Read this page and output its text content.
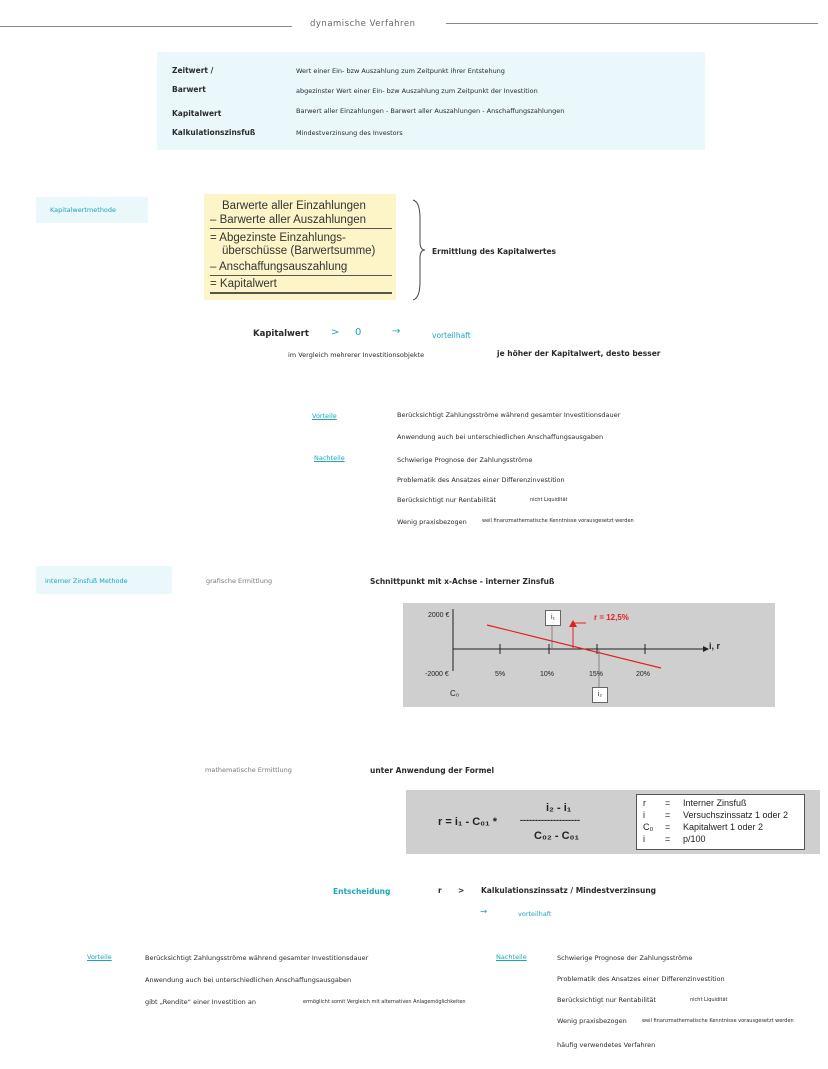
dynamische Verfahren
Zeitwert /	Wert einer Ein- bzw Auszahlung zum Zeitpunkt ihrer Entstehung
Barwert	abgezinster Wert einer Ein- bzw Auszahlung zum Zeitpunkt der Investition
Kapitalwert	Barwert aller Einzahlungen - Barwert aller Auszahlungen - Anschaffungszahlungen
Kalkulationszinsfuß	Mindestverzinsung des Investors
Kapitalwertmethode	Barwerte aller Einzahlungen
– Barwerte aller Auszahlungen
= Abgezinste Einzahlungs-
überschüsse (Barwertsumme)
– Anschaffungsauszahlung
= Kapitalwert
Ermittlung des Kapitalwertes
Kapitalwert > 0	→	vorteilhaft
im Vergleich mehrerer Investitionsobjekte	je höher der Kapitalwert, desto besser
Vorteile	Berücksichtigt Zahlungsströme während gesamter Investitionsdauer
Anwendung auch bei unterschiedlichen Anschaffungsausgaben
Nachteile	Schwierige Prognose der Zahlungsströme
Problematik des Ansatzes einer Differenzinvestition
Berücksichtigt nur Rentabilität	nicht Liquidität
Wenig praxisbezogen	weil finanzmathematische Kenntnisse vorausgesetzt werden
interner Zinsfuß Methode	grafische Ermittlung	Schnittpunkt mit x-Achse - interner Zinsfuß
2000 €
-2000 €
C₀
i, r
r = 12,5%
5%	10%	15%	20%
i₁
i₂
mathematische Ermittlung	unter Anwendung der Formel
r = i₁ - C₀₁ *
i₂ - i₁
--------------------
C₀₂ - C₀₁
r = Interner Zinsfuß
i = Versuchszinssatz 1 oder 2
C₀ = Kapitalwert 1 oder 2
i = p/100
Entscheidung	r > Kalkulationszinssatz / Mindestverzinsung
→	vorteilhaft
Vorteile	Berücksichtigt Zahlungsströme während gesamter Investitionsdauer
Anwendung auch bei unterschiedlichen Anschaffungsausgaben
gibt „Rendite“ einer Investition an	ermöglicht somit Vergleich mit alternativen Anlagemöglichkeiten
Nachteile	Schwierige Prognose der Zahlungsströme
Problematik des Ansatzes einer Differenzinvestition
Berücksichtigt nur Rentabilität	nicht Liquidität
Wenig praxisbezogen	weil finanzmathematische Kenntnisse vorausgesetzt werden
häufig verwendetes Verfahren
